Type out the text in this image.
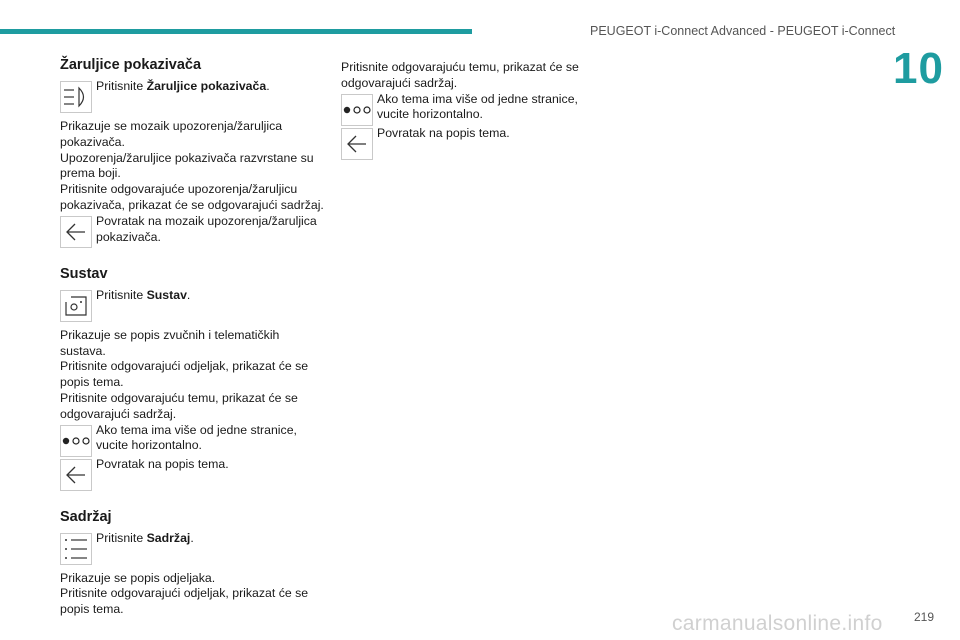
PEUGEOT i-Connect Advanced - PEUGEOT i-Connect
10
Žaruljice pokazivača
Pritisnite Žaruljice pokazivača.
Prikazuje se mozaik upozorenja/žaruljica pokazivača.
Upozorenja/žaruljice pokazivača razvrstane su prema boji.
Pritisnite odgovarajuće upozorenja/žaruljicu pokazivača, prikazat će se odgovarajući sadržaj.
Povratak na mozaik upozorenja/žaruljica pokazivača.
Sustav
Pritisnite Sustav.
Prikazuje se popis zvučnih i telematičkih sustava.
Pritisnite odgovarajući odjeljak, prikazat će se popis tema.
Pritisnite odgovarajuću temu, prikazat će se odgovarajući sadržaj.
Ako tema ima više od jedne stranice, vucite horizontalno.
Povratak na popis tema.
Sadržaj
Pritisnite Sadržaj.
Prikazuje se popis odjeljaka.
Pritisnite odgovarajući odjeljak, prikazat će se popis tema.
Pritisnite odgovarajuću temu, prikazat će se odgovarajući sadržaj.
Ako tema ima više od jedne stranice, vucite horizontalno.
Povratak na popis tema.
219
carmanualsonline.info
